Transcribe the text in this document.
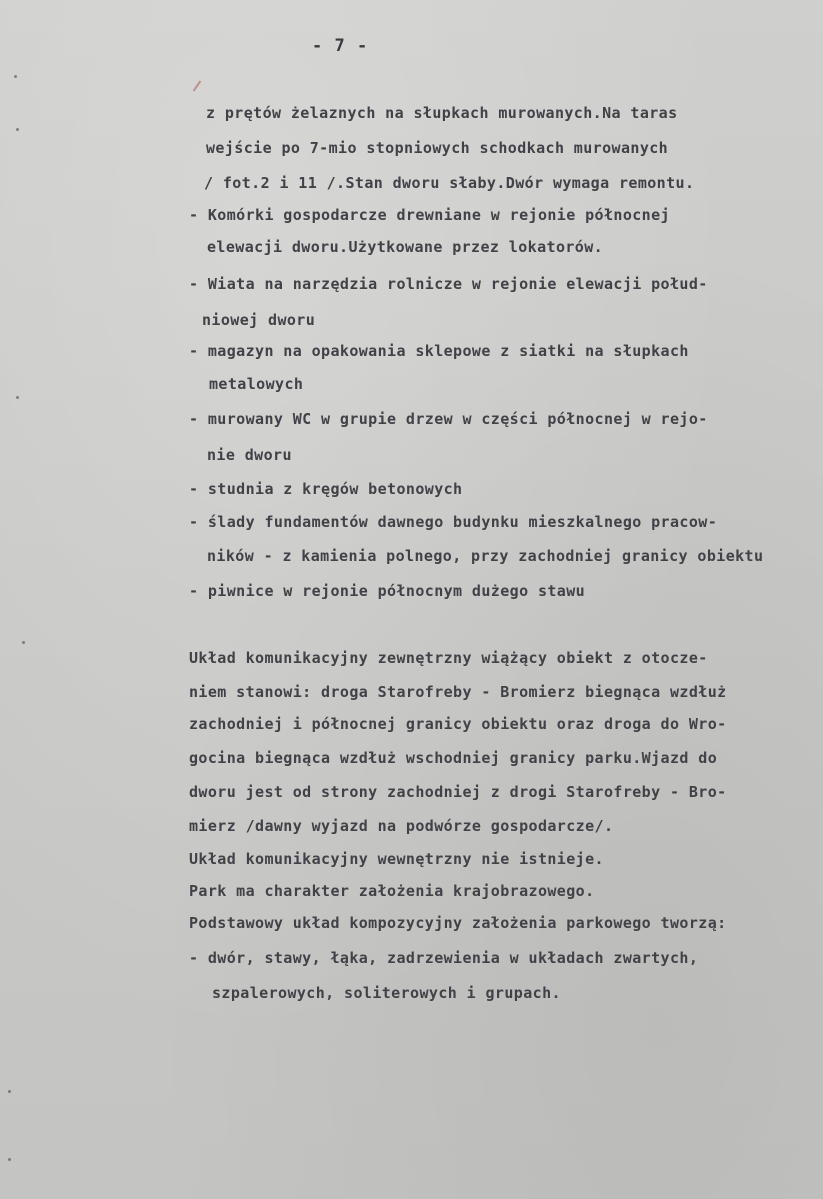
- 7 -
z prętów żelaznych na słupkach murowanych.Na taras
wejście po 7-mio stopniowych schodkach murowanych
/ fot.2 i 11 /.Stan dworu słaby.Dwór wymaga remontu.
- Komórki gospodarcze drewniane w rejonie północnej
elewacji dworu.Użytkowane przez lokatorów.
- Wiata na narzędzia rolnicze w rejonie elewacji połud-
niowej dworu
- magazyn na opakowania sklepowe z siatki na słupkach
metalowych
- murowany WC w grupie drzew w części północnej w rejo-
nie dworu
- studnia z kręgów betonowych
- ślady fundamentów dawnego budynku mieszkalnego pracow-
ników - z kamienia polnego, przy zachodniej granicy obiektu
- piwnice w rejonie północnym dużego stawu
Układ komunikacyjny zewnętrzny wiążący obiekt z otocze-
niem stanowi: droga Starofreby - Bromierz biegnąca wzdłuż
zachodniej i północnej granicy obiektu oraz droga do Wro-
gocina biegnąca wzdłuż wschodniej granicy parku.Wjazd do
dworu jest od strony zachodniej z drogi Starofreby - Bro-
mierz /dawny wyjazd na podwórze gospodarcze/.
Układ komunikacyjny wewnętrzny nie istnieje.
Park ma charakter założenia krajobrazowego.
Podstawowy układ kompozycyjny założenia parkowego tworzą:
- dwór, stawy, łąka, zadrzewienia w układach zwartych,
szpalerowych, soliterowych i grupach.
